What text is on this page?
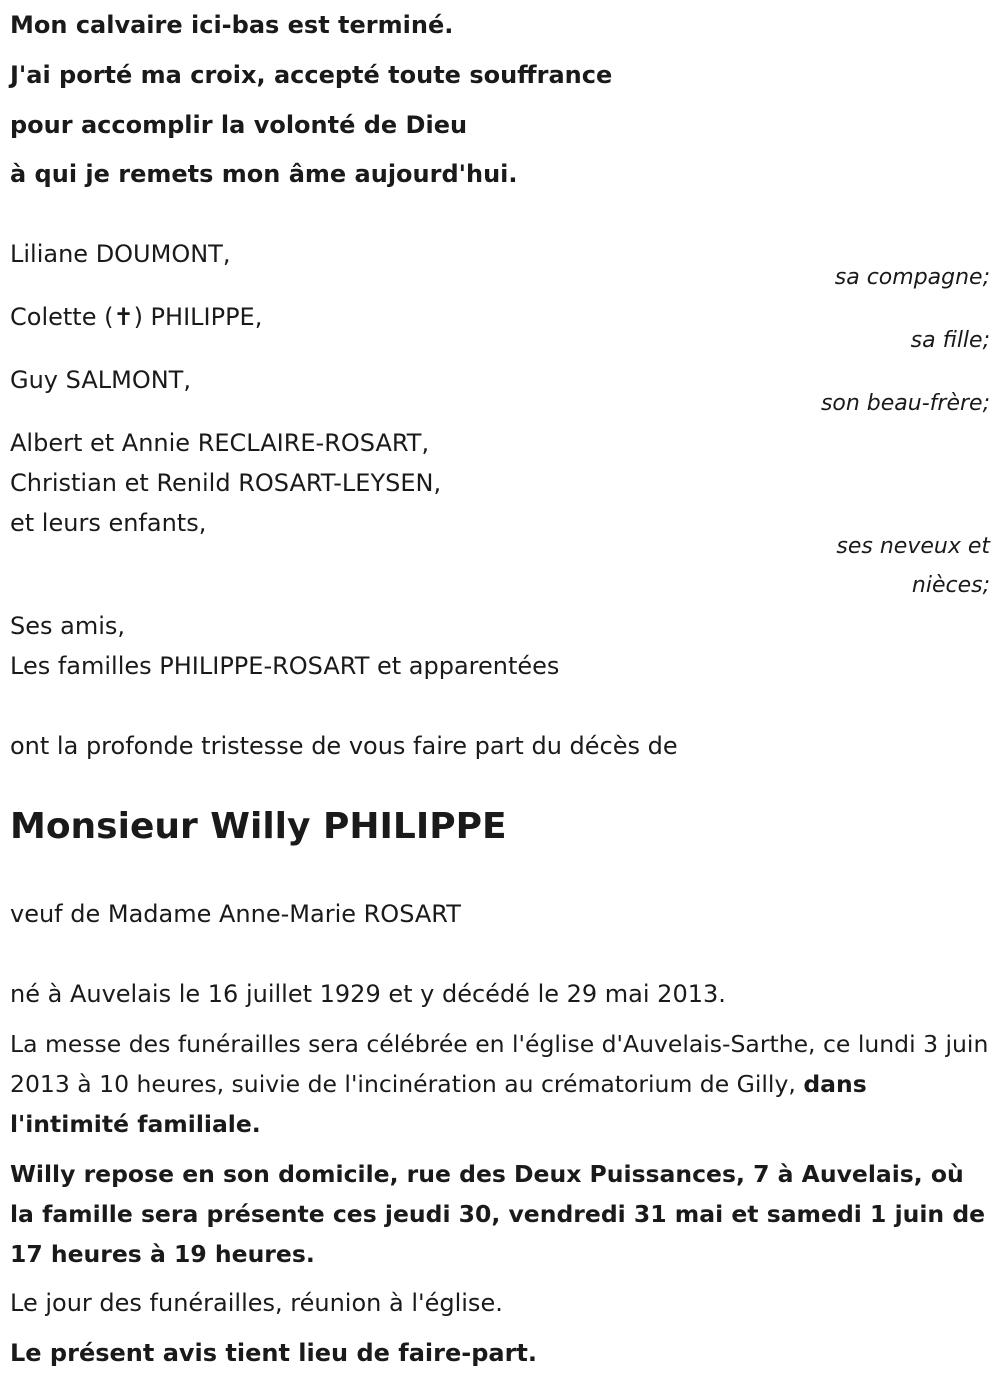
Mon calvaire ici-bas est terminé.

J'ai porté ma croix, accepté toute souffrance

pour accomplir la volonté de Dieu

à qui je remets mon âme aujourd'hui.

Liliane DOUMONT,

sa compagne;

Colette (✝) PHILIPPE,

sa fille;

Guy SALMONT,

son beau-frère;

Albert et Annie RECLAIRE-ROSART,

Christian et Renild ROSART-LEYSEN,

et leurs enfants,

ses neveux et

nièces;

Ses amis,

Les familles PHILIPPE-ROSART et apparentées

ont la profonde tristesse de vous faire part du décès de

Monsieur Willy PHILIPPE

veuf de Madame Anne-Marie ROSART

né à Auvelais le 16 juillet 1929 et y décédé le 29 mai 2013.

La messe des funérailles sera célébrée en l'église d'Auvelais-Sarthe, ce lundi 3 juin 2013 à 10 heures, suivie de l'incinération au crématorium de Gilly, dans l'intimité familiale.

Willy repose en son domicile, rue des Deux Puissances, 7 à Auvelais, où la famille sera présente ces jeudi 30, vendredi 31 mai et samedi 1 juin de 17 heures à 19 heures.

Le jour des funérailles, réunion à l'église.

Le présent avis tient lieu de faire-part.
